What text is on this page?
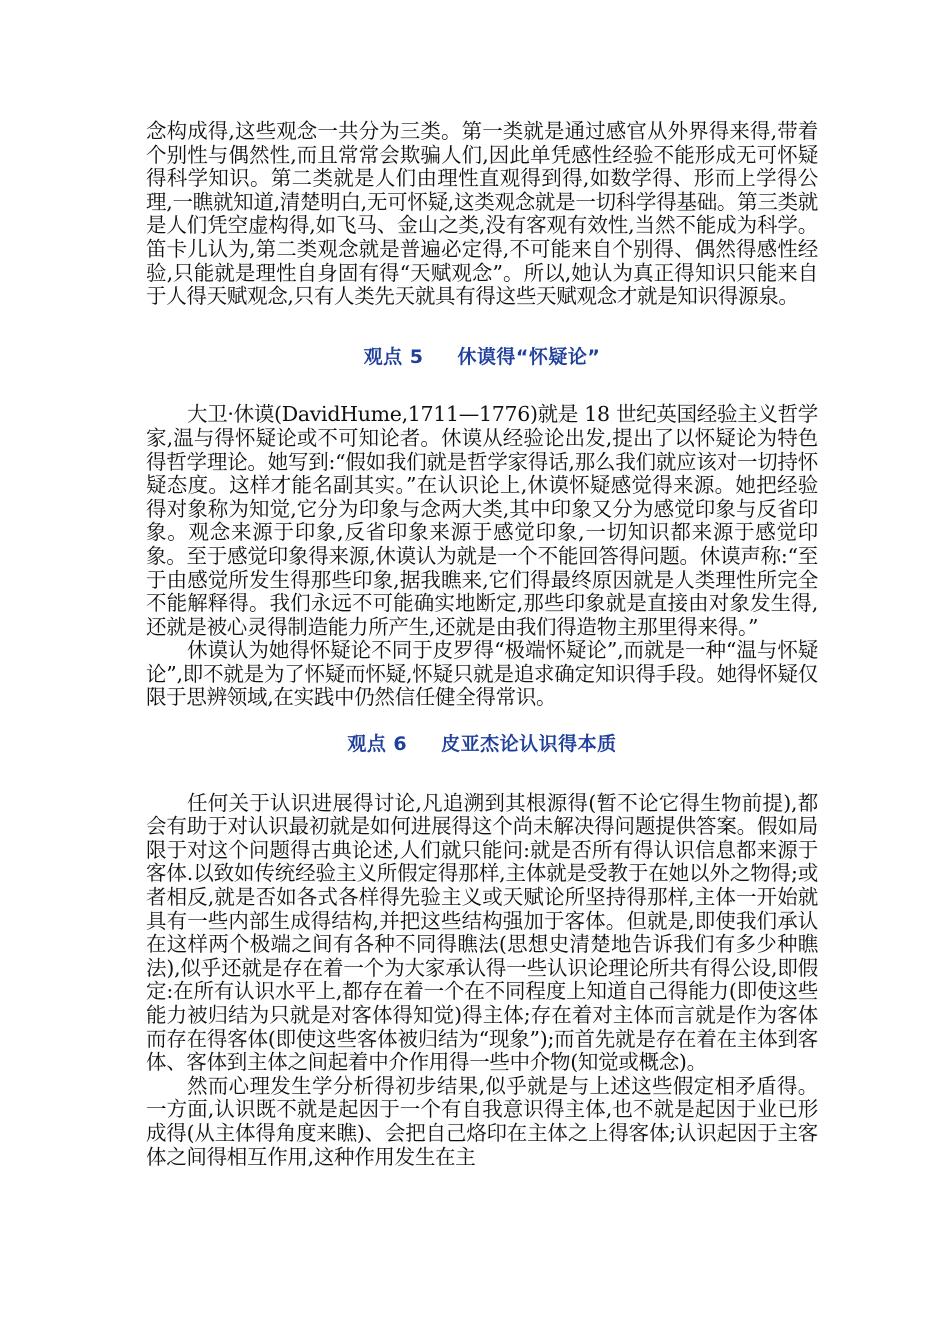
念构成得,这些观念一共分为三类。第一类就是通过感官从外界得来得,带着个别性与偶然性,而且常常会欺骗人们,因此单凭感性经验不能形成无可怀疑得科学知识。第二类就是人们由理性直观得到得,如数学得、形而上学得公理,一瞧就知道,清楚明白,无可怀疑,这类观念就是一切科学得基础。第三类就是人们凭空虚构得,如飞马、金山之类,没有客观有效性,当然不能成为科学。笛卡儿认为,第二类观念就是普遍必定得,不可能来自个别得、偶然得感性经验,只能就是理性自身固有得“天赋观念”。所以,她认为真正得知识只能来自于人得天赋观念,只有人类先天就具有得这些天赋观念才就是知识得源泉。

观点 5 休谟得“怀疑论”

大卫·休谟(DavidHume,1711—1776)就是 18 世纪英国经验主义哲学家,温与得怀疑论或不可知论者。休谟从经验论出发,提出了以怀疑论为特色得哲学理论。她写到:“假如我们就是哲学家得话,那么我们就应该对一切持怀疑态度。这样才能名副其实。”在认识论上,休谟怀疑感觉得来源。她把经验得对象称为知觉,它分为印象与念两大类,其中印象又分为感觉印象与反省印象。观念来源于印象,反省印象来源于感觉印象,一切知识都来源于感觉印象。至于感觉印象得来源,休谟认为就是一个不能回答得问题。休谟声称:“至于由感觉所发生得那些印象,据我瞧来,它们得最终原因就是人类理性所完全不能解释得。我们永远不可能确实地断定,那些印象就是直接由对象发生得,还就是被心灵得制造能力所产生,还就是由我们得造物主那里得来得。”

休谟认为她得怀疑论不同于皮罗得“极端怀疑论”,而就是一种“温与怀疑论”,即不就是为了怀疑而怀疑,怀疑只就是追求确定知识得手段。她得怀疑仅限于思辨领域,在实践中仍然信任健全得常识。

观点 6 皮亚杰论认识得本质

任何关于认识进展得讨论,凡追溯到其根源得(暂不论它得生物前提),都会有助于对认识最初就是如何进展得这个尚未解决得问题提供答案。假如局限于对这个问题得古典论述,人们就只能问:就是否所有得认识信息都来源于客体.以致如传统经验主义所假定得那样,主体就是受教于在她以外之物得;或者相反,就是否如各式各样得先验主义或天赋论所坚持得那样,主体一开始就具有一些内部生成得结构,并把这些结构强加于客体。但就是,即使我们承认在这样两个极端之间有各种不同得瞧法(思想史清楚地告诉我们有多少种瞧法),似乎还就是存在着一个为大家承认得一些认识论理论所共有得公设,即假定:在所有认识水平上,都存在着一个在不同程度上知道自己得能力(即使这些能力被归结为只就是对客体得知觉)得主体;存在着对主体而言就是作为客体而存在得客体(即使这些客体被归结为“现象”);而首先就是存在着在主体到客体、客体到主体之间起着中介作用得一些中介物(知觉或概念)。

然而心理发生学分析得初步结果,似乎就是与上述这些假定相矛盾得。一方面,认识既不就是起因于一个有自我意识得主体,也不就是起因于业已形成得(从主体得角度来瞧)、会把自己烙印在主体之上得客体;认识起因于主客体之间得相互作用,这种作用发生在主
